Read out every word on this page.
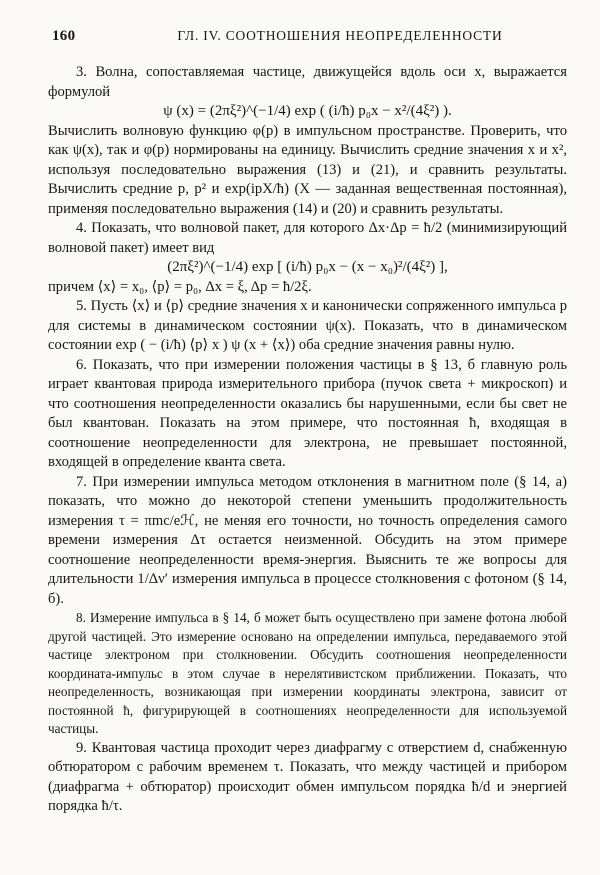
160	ГЛ. IV. СООТНОШЕНИЯ НЕОПРЕДЕЛЕННОСТИ

3. Волна, сопоставляемая частице, движущейся вдоль оси x, выражается формулой

ψ (x) = (2πξ²)^(−1/4) exp ( (i/ħ) p₀x − x²/(4ξ²) ).

Вычислить волновую функцию φ(p) в импульсном пространстве. Проверить, что как ψ(x), так и φ(p) нормированы на единицу. Вычислить средние значения x и x², используя последовательно выражения (13) и (21), и сравнить результаты. Вычислить средние p, p² и exp(ipX/ħ) (X — заданная вещественная постоянная), применяя последовательно выражения (14) и (20) и сравнить результаты.

4. Показать, что волновой пакет, для которого Δx·Δp = ħ/2 (минимизирующий волновой пакет) имеет вид

(2πξ²)^(−1/4) exp [ (i/ħ) p₀x − (x − x₀)²/(4ξ²) ],

причем ⟨x⟩ = x₀, ⟨p⟩ = p₀, Δx = ξ, Δp = ħ/2ξ.

5. Пусть ⟨x⟩ и ⟨p⟩ средние значения x и канонически сопряженного импульса p для системы в динамическом состоянии ψ(x). Показать, что в динамическом состоянии exp ( − (i/ħ) ⟨p⟩ x ) ψ (x + ⟨x⟩) оба средние значения равны нулю.

6. Показать, что при измерении положения частицы в § 13, б главную роль играет квантовая природа измерительного прибора (пучок света + микроскоп) и что соотношения неопределенности оказались бы нарушенными, если бы свет не был квантован. Показать на этом примере, что постоянная ħ, входящая в соотношение неопределенности для электрона, не превышает постоянной, входящей в определение кванта света.

7. При измерении импульса методом отклонения в магнитном поле (§ 14, а) показать, что можно до некоторой степени уменьшить продолжительность измерения τ = πmc/eℋ, не меняя его точности, но точность определения самого времени измерения Δτ остается неизменной. Обсудить на этом примере соотношение неопределенности время-энергия. Выяснить те же вопросы для длительности 1/Δν′ измерения импульса в процессе столкновения с фотоном (§ 14, б).

8. Измерение импульса в § 14, б может быть осуществлено при замене фотона любой другой частицей. Это измерение основано на определении импульса, передаваемого этой частице электроном при столкновении. Обсудить соотношения неопределенности координата-импульс в этом случае в нерелятивистском приближении. Показать, что неопределенность, возникающая при измерении координаты электрона, зависит от постоянной ħ, фигурирующей в соотношениях неопределенности для используемой частицы.

9. Квантовая частица проходит через диафрагму с отверстием d, снабженную обтюратором с рабочим временем τ. Показать, что между частицей и прибором (диафрагма + обтюратор) происходит обмен импульсом порядка ħ/d и энергией порядка ħ/τ.
